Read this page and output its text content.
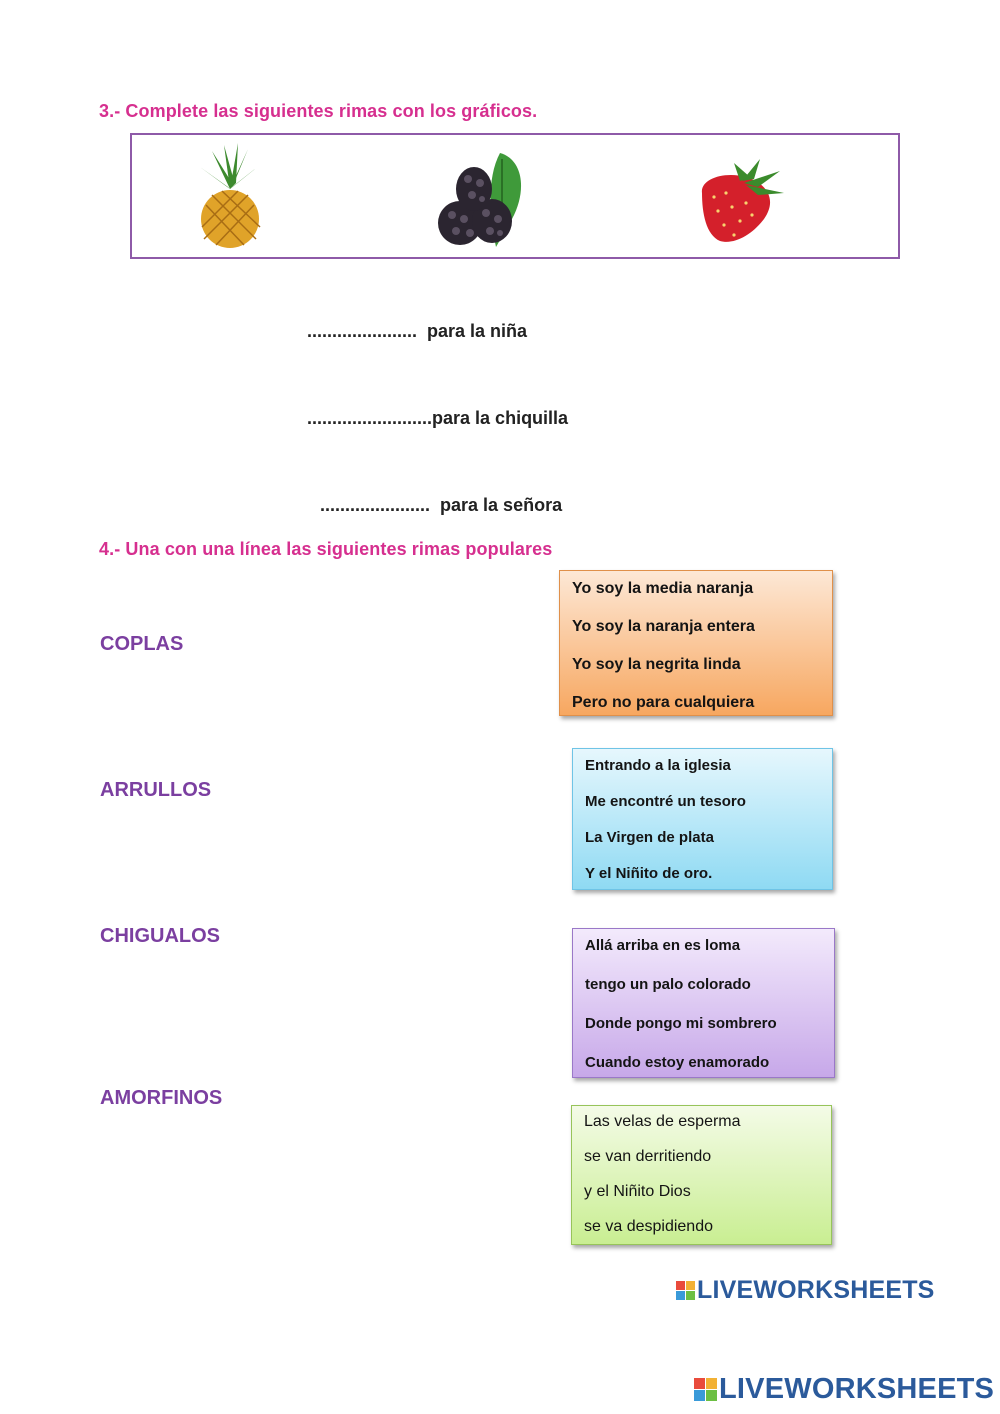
3.- Complete las siguientes rimas con los gráficos.
......................  para la niña
.........................para la chiquilla
......................  para la señora
4.- Una con una línea las siguientes rimas populares
COPLAS
ARRULLOS
CHIGUALOS
AMORFINOS
Yo soy la media naranja
Yo soy la naranja entera
Yo soy la negrita linda
Pero no para cualquiera
Entrando a la iglesia
Me encontré un tesoro
La Virgen de plata
Y el Niñito de oro.
Allá arriba en es loma
tengo un palo colorado
Donde pongo mi sombrero
Cuando estoy enamorado
Las velas de esperma
se van derritiendo
y el Niñito Dios
se va despidiendo
LIVEWORKSHEETS
LIVEWORKSHEETS
